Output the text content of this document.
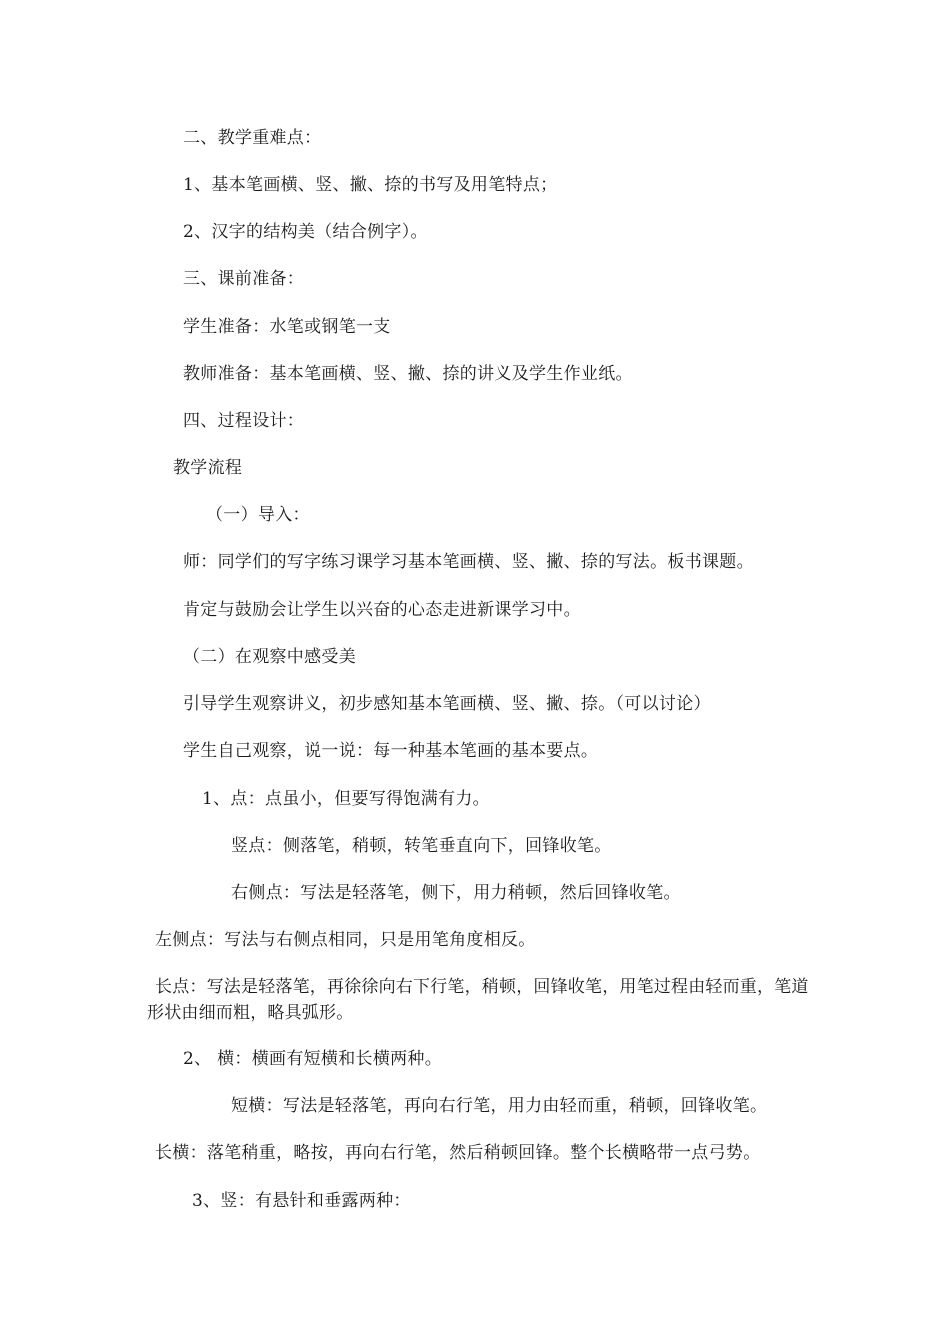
二、教学重难点：
1、基本笔画横、竖、撇、捺的书写及用笔特点；
2、汉字的结构美（结合例字）。
三、课前准备：
学生准备：水笔或钢笔一支
教师准备：基本笔画横、竖、撇、捺的讲义及学生作业纸。
四、过程设计：
教学流程
（一）导入：
师：同学们的写字练习课学习基本笔画横、竖、撇、捺的写法。板书课题。
肯定与鼓励会让学生以兴奋的心态走进新课学习中。
（二）在观察中感受美
引导学生观察讲义，初步感知基本笔画横、竖、撇、捺。（可以讨论）
学生自己观察，说一说：每一种基本笔画的基本要点。
1、点：点虽小，但要写得饱满有力。
竖点：侧落笔，稍顿，转笔垂直向下，回锋收笔。
右侧点：写法是轻落笔，侧下，用力稍顿，然后回锋收笔。
左侧点：写法与右侧点相同，只是用笔角度相反。
长点：写法是轻落笔，再徐徐向右下行笔，稍顿，回锋收笔，用笔过程由轻而重，笔道形状由细而粗，略具弧形。
2、 横：横画有短横和长横两种。
短横：写法是轻落笔，再向右行笔，用力由轻而重，稍顿，回锋收笔。
长横：落笔稍重，略按，再向右行笔，然后稍顿回锋。整个长横略带一点弓势。
3、竖：有悬针和垂露两种：
